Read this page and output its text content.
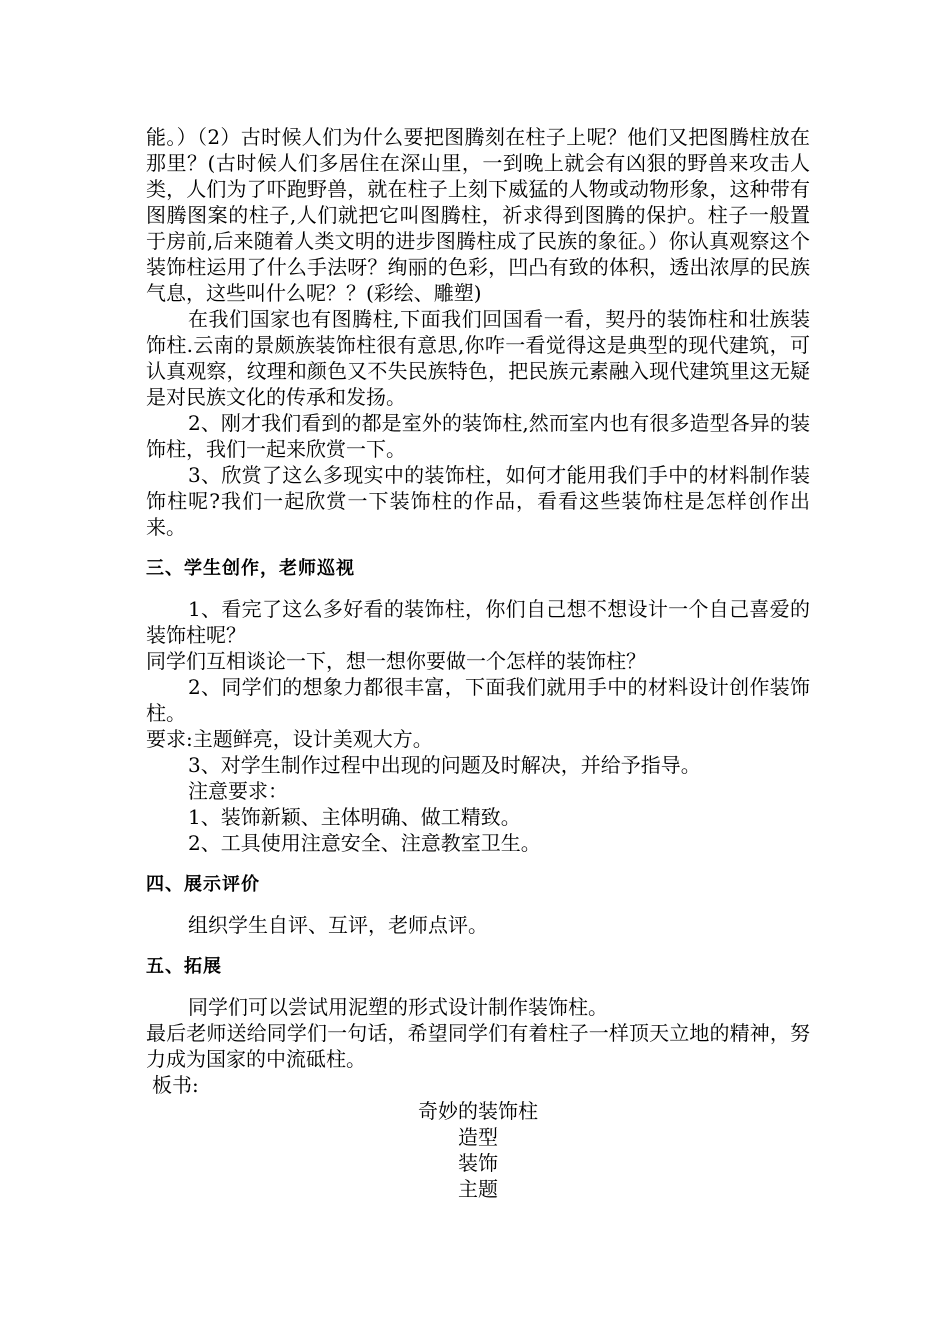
能。）（2）古时候人们为什么要把图腾刻在柱子上呢？他们又把图腾柱放在那里？(古时候人们多居住在深山里，一到晚上就会有凶狠的野兽来攻击人类，人们为了吓跑野兽，就在柱子上刻下威猛的人物或动物形象，这种带有图腾图案的柱子,人们就把它叫图腾柱，祈求得到图腾的保护。柱子一般置于房前,后来随着人类文明的进步图腾柱成了民族的象征。）你认真观察这个装饰柱运用了什么手法呀？绚丽的色彩，凹凸有致的体积，透出浓厚的民族气息，这些叫什么呢？？(彩绘、雕塑)

在我们国家也有图腾柱,下面我们回国看一看，契丹的装饰柱和壮族装饰柱.云南的景颇族装饰柱很有意思,你咋一看觉得这是典型的现代建筑，可认真观察，纹理和颜色又不失民族特色，把民族元素融入现代建筑里这无疑是对民族文化的传承和发扬。

2、刚才我们看到的都是室外的装饰柱,然而室内也有很多造型各异的装饰柱，我们一起来欣赏一下。

3、欣赏了这么多现实中的装饰柱，如何才能用我们手中的材料制作装饰柱呢?我们一起欣赏一下装饰柱的作品，看看这些装饰柱是怎样创作出来。

三、学生创作，老师巡视

1、看完了这么多好看的装饰柱，你们自己想不想设计一个自己喜爱的装饰柱呢？

同学们互相谈论一下，想一想你要做一个怎样的装饰柱？

2、同学们的想象力都很丰富，下面我们就用手中的材料设计创作装饰柱。

要求:主题鲜亮，设计美观大方。

3、对学生制作过程中出现的问题及时解决，并给予指导。

注意要求：

1、装饰新颖、主体明确、做工精致。

2、工具使用注意安全、注意教室卫生。

四、展示评价

组织学生自评、互评，老师点评。

五、拓展

同学们可以尝试用泥塑的形式设计制作装饰柱。

最后老师送给同学们一句话，希望同学们有着柱子一样顶天立地的精神，努力成为国家的中流砥柱。

板书:

奇妙的装饰柱

造型

装饰

主题
